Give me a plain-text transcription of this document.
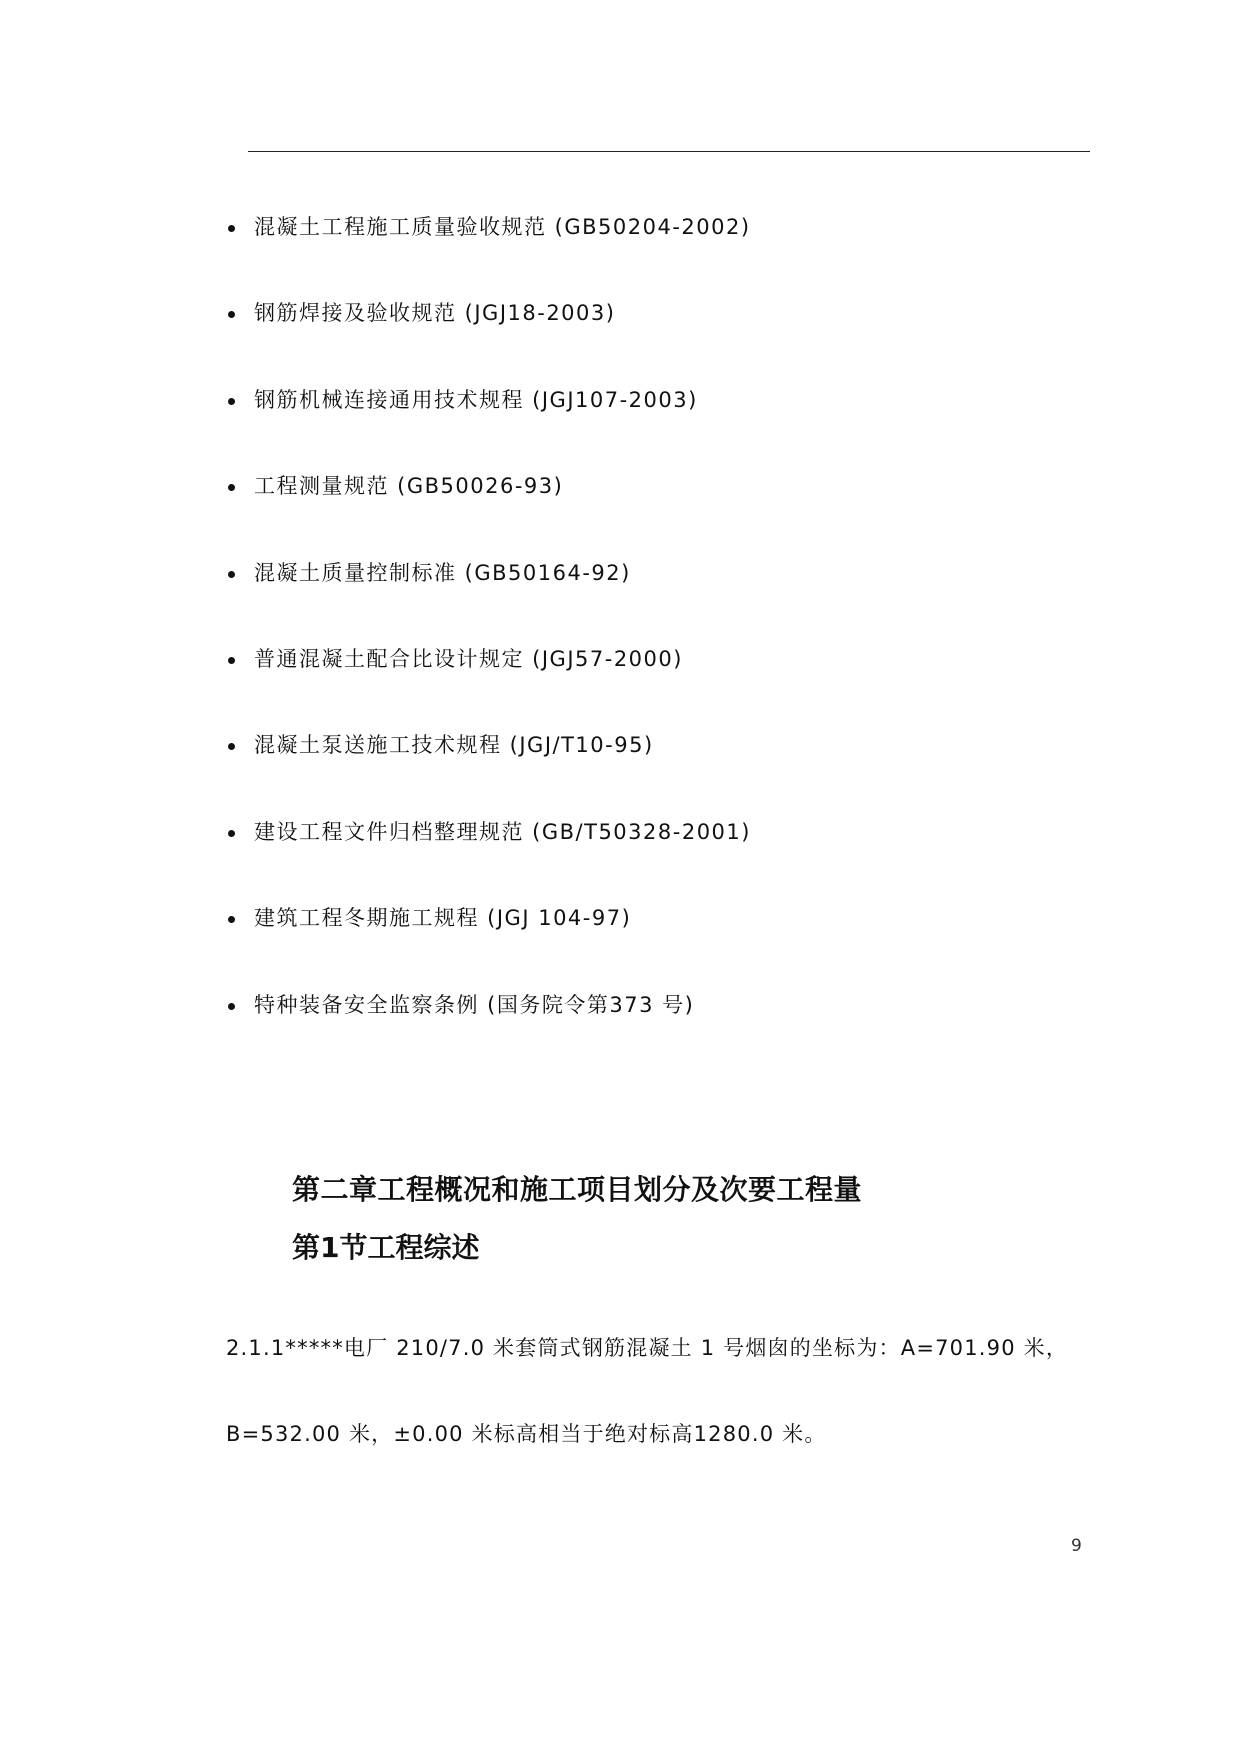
混凝土工程施工质量验收规范 (GB50204-2002)
钢筋焊接及验收规范 (JGJ18-2003)
钢筋机械连接通用技术规程 (JGJ107-2003)
工程测量规范 (GB50026-93)
混凝土质量控制标准 (GB50164-92)
普通混凝土配合比设计规定 (JGJ57-2000)
混凝土泵送施工技术规程 (JGJ/T10-95)
建设工程文件归档整理规范 (GB/T50328-2001)
建筑工程冬期施工规程 (JGJ 104-97)
特种装备安全监察条例 (国务院令第373 号)
第二章工程概况和施工项目划分及次要工程量
第1节工程综述

2.1.1*****电厂 210/7.0 米套筒式钢筋混凝土 1 号烟囱的坐标为：A=701.90 米，

B=532.00 米，±0.00 米标高相当于绝对标高1280.0 米。

9
